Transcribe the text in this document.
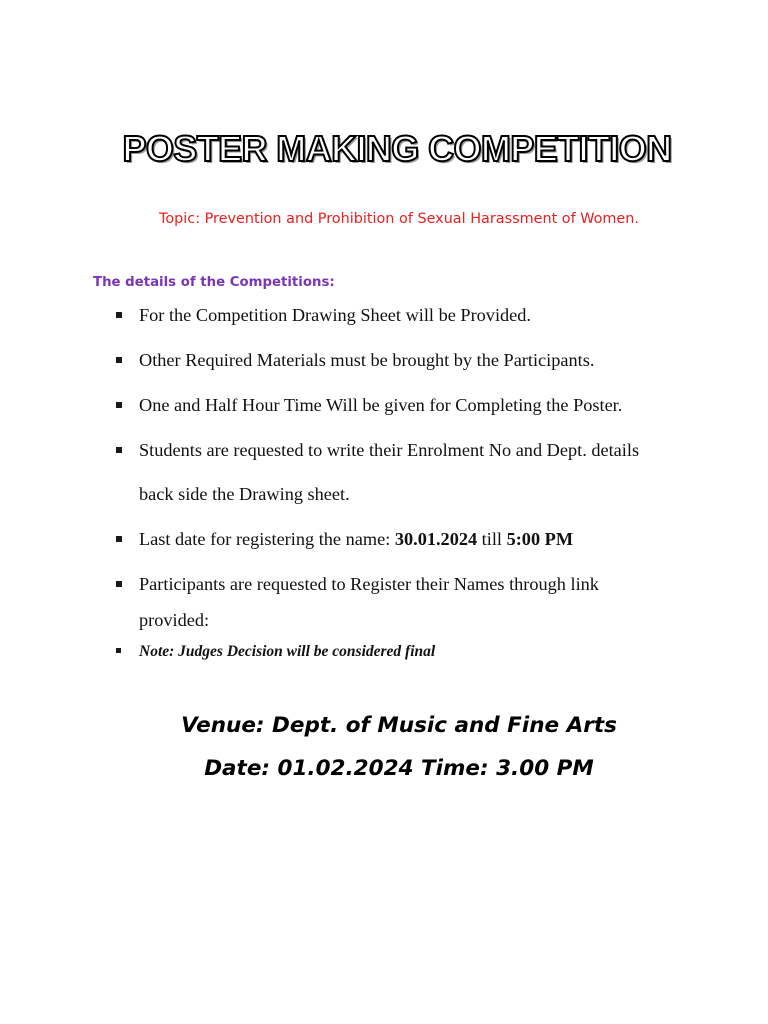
POSTER MAKING COMPETITION
Topic: Prevention and Prohibition of Sexual Harassment of Women.
The details of the Competitions:
For the Competition Drawing Sheet will be Provided.
Other Required Materials must be brought by the Participants.
One and Half Hour Time Will be given for Completing the Poster.
Students are requested to write their Enrolment No and Dept. details
back side the Drawing sheet.
Last date for registering the name: 30.01.2024 till 5:00 PM
Participants are requested to Register their Names through link
provided:
Note: Judges Decision will be considered final
Venue: Dept. of Music and Fine Arts
Date: 01.02.2024 Time: 3.00 PM
